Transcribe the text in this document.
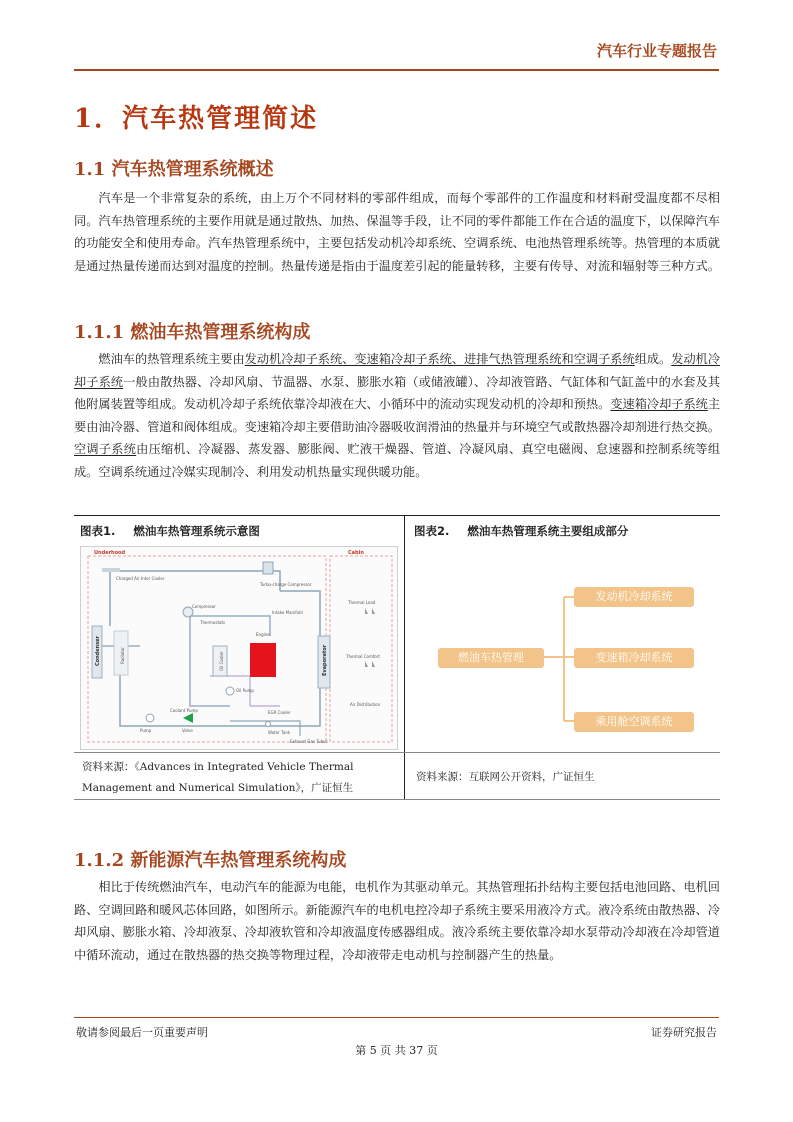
汽车行业专题报告
1．汽车热管理简述
1.1 汽车热管理系统概述

汽车是一个非常复杂的系统，由上万个不同材料的零部件组成，而每个零部件的工作温度和材料耐受温度都不尽相同。汽车热管理系统的主要作用就是通过散热、加热、保温等手段，让不同的零件都能工作在合适的温度下，以保障汽车的功能安全和使用寿命。汽车热管理系统中，主要包括发动机冷却系统、空调系统、电池热管理系统等。热管理的本质就是通过热量传递而达到对温度的控制。热量传递是指由于温度差引起的能量转移，主要有传导、对流和辐射等三种方式。

1.1.1 燃油车热管理系统构成

燃油车的热管理系统主要由发动机冷却子系统、变速箱冷却子系统、进排气热管理系统和空调子系统组成。发动机冷却子系统一般由散热器、冷却风扇、节温器、水泵、膨胀水箱（或储液罐）、冷却液管路、气缸体和气缸盖中的水套及其他附属装置等组成。发动机冷却子系统依靠冷却液在大、小循环中的流动实现发动机的冷却和预热。变速箱冷却子系统主要由油冷器、管道和阀体组成。变速箱冷却主要借助油冷器吸收润滑油的热量并与环境空气或散热器冷却剂进行热交换。空调子系统由压缩机、冷凝器、蒸发器、膨胀阀、贮液干燥器、管道、冷凝风扇、真空电磁阀、怠速器和控制系统等组成。空调系统通过冷媒实现制冷、利用发动机热量实现供暖功能。

图表1. 燃油车热管理系统示意图	图表2. 燃油车热管理系统主要组成部分
Underhood	Cabin
Charged Air Inter Cooler
Turbo-charge Compressor
Compressor
Thermostats
Intake Manifold
Condenser	Radiator	Oil Cooler
Engine
Oil Pump
Evaporator
Thermal Load
Thermal Comfort
Air Distribution
Coolant Pump
Valve
Pump
EGR Cooler
Water Tank
Exhaust Gas Tubus
燃油车热管理
发动机冷却系统
变速箱冷却系统
乘用舱空调系统
资料来源：《Advances in Integrated Vehicle Thermal
Management and Numerical Simulation》，广证恒生
资料来源：互联网公开资料，广证恒生
1.1.2 新能源汽车热管理系统构成

相比于传统燃油汽车，电动汽车的能源为电能，电机作为其驱动单元。其热管理拓扑结构主要包括电池回路、电机回路、空调回路和暖风芯体回路，如图所示。新能源汽车的电机电控冷却子系统主要采用液冷方式。液冷系统由散热器、冷却风扇、膨胀水箱、冷却液泵、冷却液软管和冷却液温度传感器组成。液冷系统主要依靠冷却水泵带动冷却液在冷却管道中循环流动，通过在散热器的热交换等物理过程，冷却液带走电动机与控制器产生的热量。

敬请参阅最后一页重要声明	证券研究报告
第 5 页 共 37 页
